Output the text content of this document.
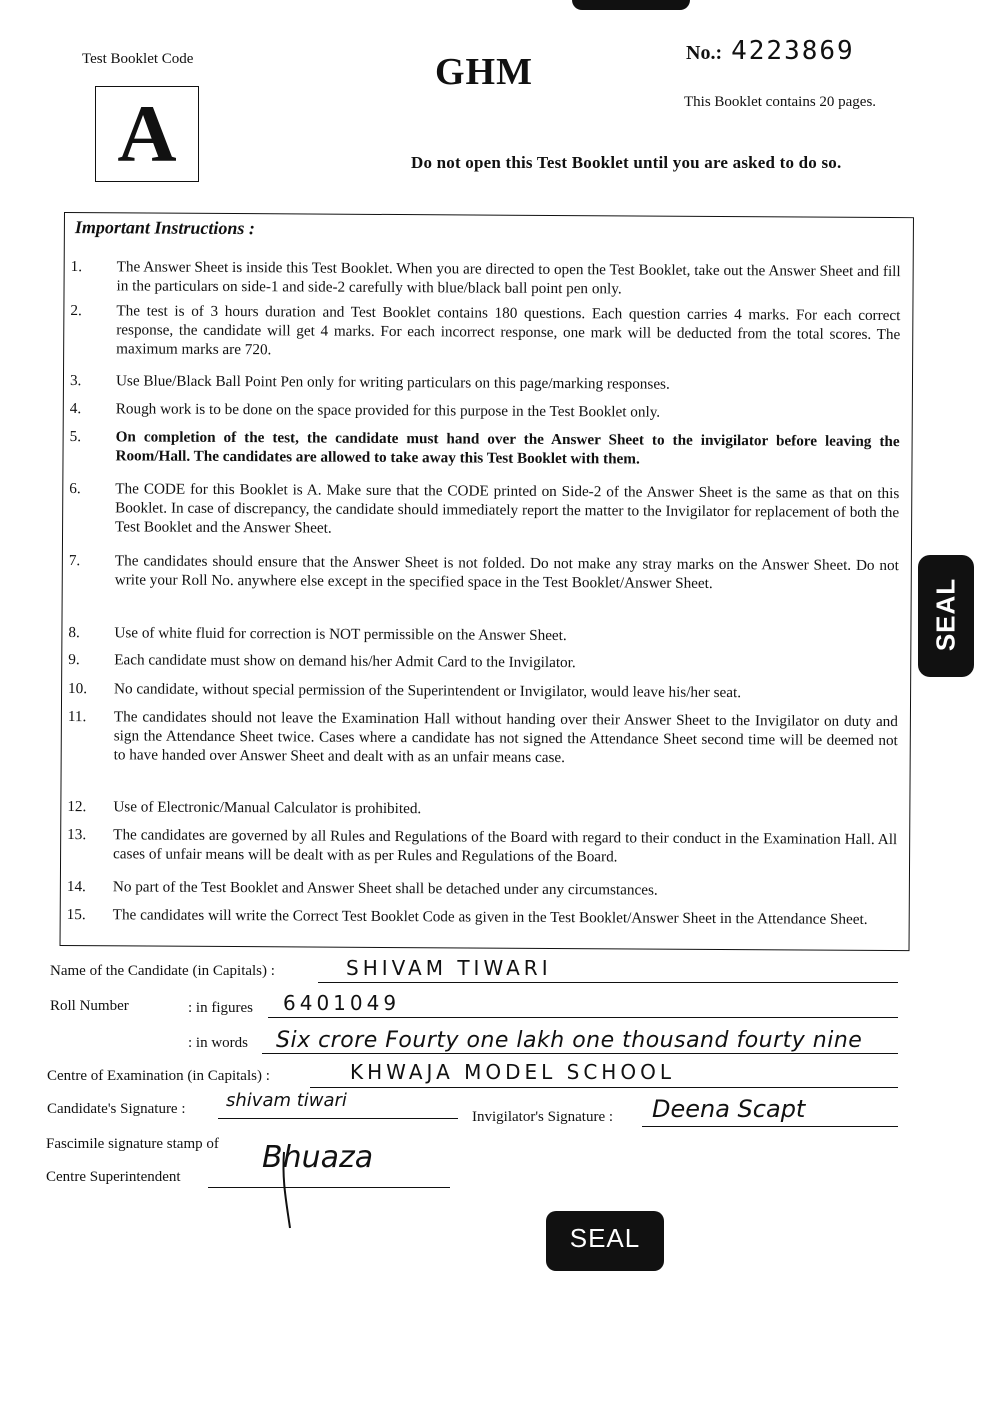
Test Booklet Code
A
GHM	No.: 4223869
This Booklet contains 20 pages.
Do not open this Test Booklet until you are asked to do so.
Important Instructions :
1.	The Answer Sheet is inside this Test Booklet. When you are directed to open the Test Booklet, take out the Answer Sheet and fill in the particulars on side-1 and side-2 carefully with blue/black ball point pen only.
2.	The test is of 3 hours duration and Test Booklet contains 180 questions. Each question carries 4 marks. For each correct response, the candidate will get 4 marks. For each incorrect response, one mark will be deducted from the total scores. The maximum marks are 720.
3.	Use Blue/Black Ball Point Pen only for writing particulars on this page/marking responses.
4.	Rough work is to be done on the space provided for this purpose in the Test Booklet only.
5.	On completion of the test, the candidate must hand over the Answer Sheet to the invigilator before leaving the Room/Hall. The candidates are allowed to take away this Test Booklet with them.
6.	The CODE for this Booklet is A. Make sure that the CODE printed on Side-2 of the Answer Sheet is the same as that on this Booklet. In case of discrepancy, the candidate should immediately report the matter to the Invigilator for replacement of both the Test Booklet and the Answer Sheet.
7.	The candidates should ensure that the Answer Sheet is not folded. Do not make any stray marks on the Answer Sheet. Do not write your Roll No. anywhere else except in the specified space in the Test Booklet/Answer Sheet.
8.	Use of white fluid for correction is NOT permissible on the Answer Sheet.
9.	Each candidate must show on demand his/her Admit Card to the Invigilator.
10.	No candidate, without special permission of the Superintendent or Invigilator, would leave his/her seat.
11.	The candidates should not leave the Examination Hall without handing over their Answer Sheet to the Invigilator on duty and sign the Attendance Sheet twice. Cases where a candidate has not signed the Attendance Sheet second time will be deemed not to have handed over Answer Sheet and dealt with as an unfair means case.
12.	Use of Electronic/Manual Calculator is prohibited.
13.	The candidates are governed by all Rules and Regulations of the Board with regard to their conduct in the Examination Hall. All cases of unfair means will be dealt with as per Rules and Regulations of the Board.
14.	No part of the Test Booklet and Answer Sheet shall be detached under any circumstances.
15.	The candidates will write the Correct Test Booklet Code as given in the Test Booklet/Answer Sheet in the Attendance Sheet.
Name of the Candidate (in Capitals) :	SHIVAM TIWARI
Roll Number	: in figures 6401049
: in words Six crore Fourty one lakh one thousand fourty nine
Centre of Examination (in Capitals) :	KHWAJA MODEL SCHOOL
Candidate's Signature : shivam tiwari
Invigilator's Signature : Deena Scapt
Fascimile signature stamp of
Centre Superintendent
Bhuaza
SEAL
SEAL
